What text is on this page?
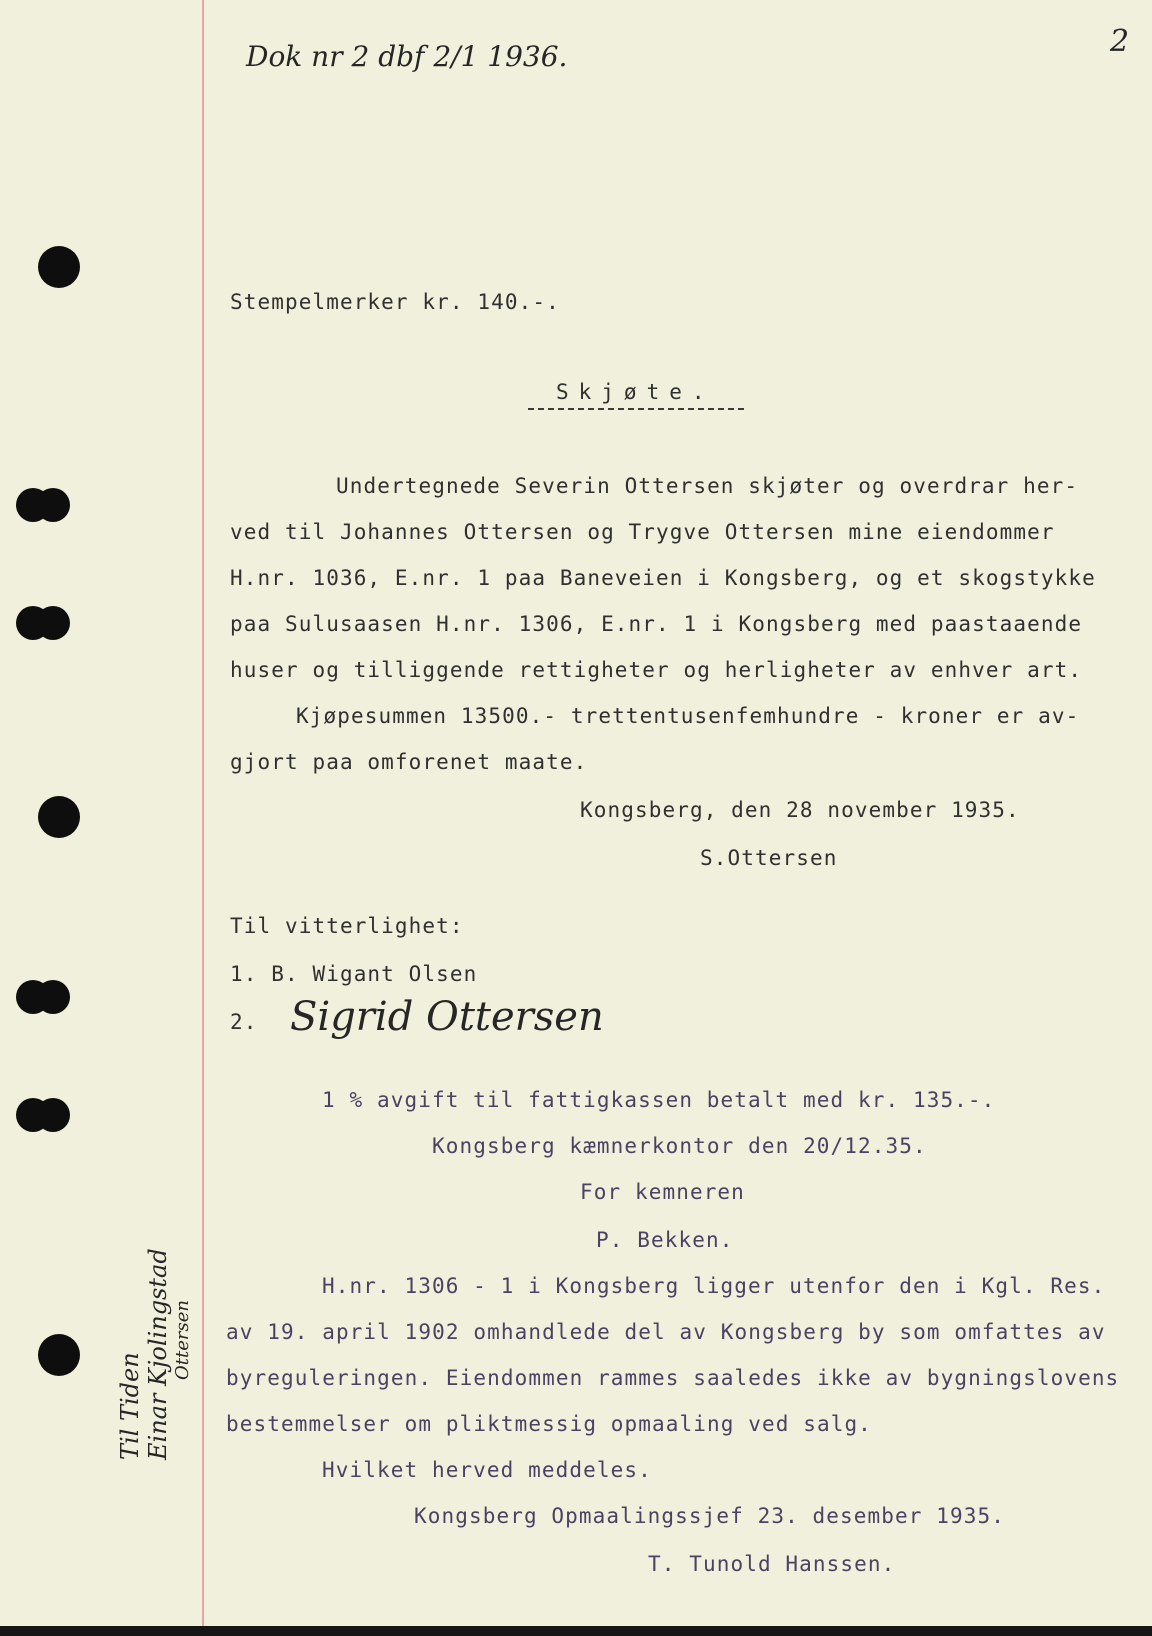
Dok nr 2 dbf 2/1 1936.	2
Stempelmerker kr. 140.-.
Skjøte.
Undertegnede Severin Ottersen skjøter og overdrar her-
ved til Johannes Ottersen og Trygve Ottersen mine eiendommer
H.nr. 1036, E.nr. 1 paa Baneveien i Kongsberg, og et skogstykke
paa Sulusaasen H.nr. 1306, E.nr. 1 i Kongsberg med paastaaende
huser og tilliggende rettigheter og herligheter av enhver art.
Kjøpesummen 13500.- trettentusenfemhundre - kroner er av-
gjort paa omforenet maate.
Kongsberg, den 28 november 1935.
S.Ottersen
Til vitterlighet:
1. B. Wigant Olsen
2. Sigrid Ottersen
1 % avgift til fattigkassen betalt med kr. 135.-.
Kongsberg kæmnerkontor den 20/12.35.
For kemneren
P. Bekken.
H.nr. 1306 - 1 i Kongsberg ligger utenfor den i Kgl. Res.
av 19. april 1902 omhandlede del av Kongsberg by som omfattes av
byreguleringen. Eiendommen rammes saaledes ikke av bygningslovens
bestemmelser om pliktmessig opmaaling ved salg.
Hvilket herved meddeles.
Kongsberg Opmaalingssjef 23. desember 1935.
T. Tunold Hanssen.
Til Tiden Einar Kjolingstad Ottersen
